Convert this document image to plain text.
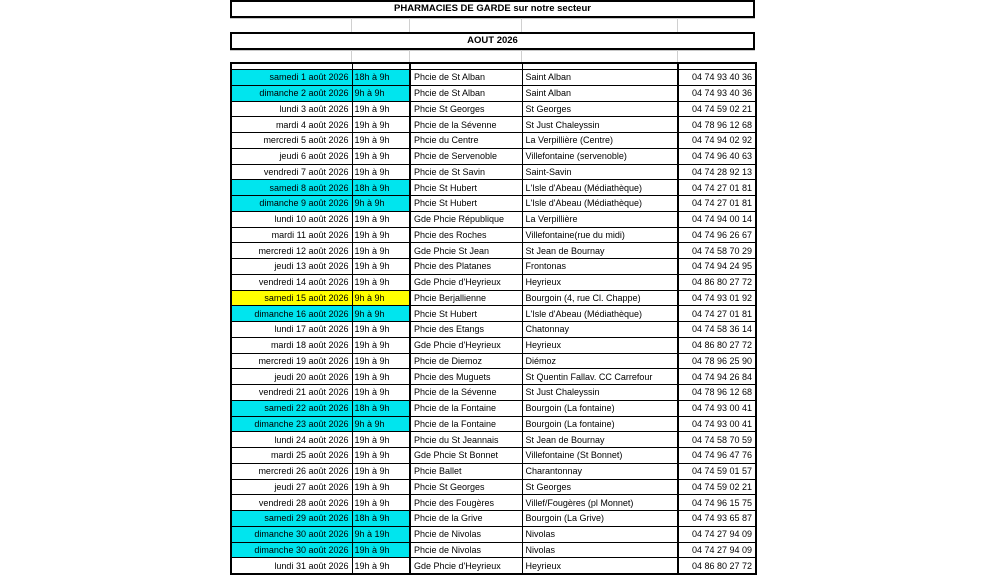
PHARMACIES DE GARDE sur notre secteur
AOUT 2026

samedi 1 août 2026	18h à 9h	Phcie de St Alban	Saint Alban	04 74 93 40 36
dimanche 2 août 2026	9h à 9h	Phcie de St Alban	Saint Alban	04 74 93 40 36
lundi 3 août 2026	19h à 9h	Phcie St Georges	St Georges	04 74 59 02 21
mardi 4 août 2026	19h à 9h	Phcie de la Sévenne	St Just Chaleyssin	04 78 96 12 68
mercredi 5 août 2026	19h à 9h	Phcie du Centre	La Verpillière (Centre)	04 74 94 02 92
jeudi 6 août 2026	19h à 9h	Phcie de Servenoble	Villefontaine (servenoble)	04 74 96 40 63
vendredi 7 août 2026	19h à 9h	Phcie de St Savin	Saint-Savin	04 74 28 92 13
samedi 8 août 2026	18h à 9h	Phcie St Hubert	L'Isle d'Abeau (Médiathèque)	04 74 27 01 81
dimanche 9 août 2026	9h à 9h	Phcie St Hubert	L'Isle d'Abeau (Médiathèque)	04 74 27 01 81
lundi 10 août 2026	19h à 9h	Gde Phcie République	La Verpillière	04 74 94 00 14
mardi 11 août 2026	19h à 9h	Phcie des Roches	Villefontaine(rue du midi)	04 74 96 26 67
mercredi 12 août 2026	19h à 9h	Gde Phcie St Jean	St Jean de Bournay	04 74 58 70 29
jeudi 13 août 2026	19h à 9h	Phcie des Platanes	Frontonas	04 74 94 24 95
vendredi 14 août 2026	19h à 9h	Gde Phcie d'Heyrieux	Heyrieux	04 86 80 27 72
samedi 15 août 2026	9h à 9h	Phcie Berjallienne	Bourgoin (4, rue Cl. Chappe)	04 74 93 01 92
dimanche 16 août 2026	9h à 9h	Phcie St Hubert	L'Isle d'Abeau (Médiathèque)	04 74 27 01 81
lundi 17 août 2026	19h à 9h	Phcie des Etangs	Chatonnay	04 74 58 36 14
mardi 18 août 2026	19h à 9h	Gde Phcie d'Heyrieux	Heyrieux	04 86 80 27 72
mercredi 19 août 2026	19h à 9h	Phcie de Diemoz	Diémoz	04 78 96 25 90
jeudi 20 août 2026	19h à 9h	Phcie des Muguets	St Quentin Fallav. CC Carrefour	04 74 94 26 84
vendredi 21 août 2026	19h à 9h	Phcie de la Sévenne	St Just Chaleyssin	04 78 96 12 68
samedi 22 août 2026	18h à 9h	Phcie de la Fontaine	Bourgoin (La fontaine)	04 74 93 00 41
dimanche 23 août 2026	9h à 9h	Phcie de la Fontaine	Bourgoin (La fontaine)	04 74 93 00 41
lundi 24 août 2026	19h à 9h	Phcie du St Jeannais	St Jean de Bournay	04 74 58 70 59
mardi 25 août 2026	19h à 9h	Gde Phcie St Bonnet	Villefontaine (St Bonnet)	04 74 96 47 76
mercredi 26 août 2026	19h à 9h	Phcie Ballet	Charantonnay	04 74 59 01 57
jeudi 27 août 2026	19h à 9h	Phcie St Georges	St Georges	04 74 59 02 21
vendredi 28 août 2026	19h à 9h	Phcie des Fougères	Villef/Fougères (pl Monnet)	04 74 96 15 75
samedi 29 août 2026	18h à 9h	Phcie de la Grive	Bourgoin (La Grive)	04 74 93 65 87
dimanche 30 août 2026	9h à 19h	Phcie de Nivolas	Nivolas	04 74 27 94 09
dimanche 30 août 2026	19h à 9h	Phcie de Nivolas	Nivolas	04 74 27 94 09
lundi 31 août 2026	19h à 9h	Gde Phcie d'Heyrieux	Heyrieux	04 86 80 27 72
